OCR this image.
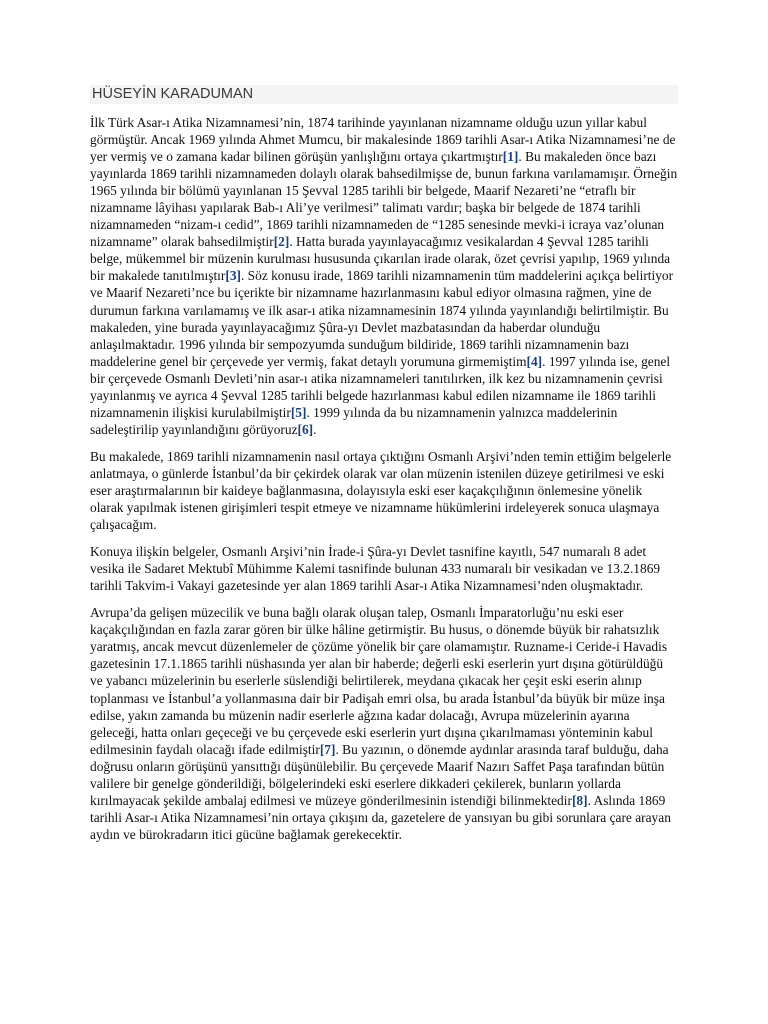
HÜSEYİN KARADUMAN

İlk Türk Asar-ı Atika Nizamnamesi’nin, 1874 tarihinde yayınlanan nizamname olduğu uzun yıllar kabul görmüştür. Ancak 1969 yılında Ahmet Mumcu, bir makalesinde 1869 tarihli Asar-ı Atika Nizamnamesi’ne de yer vermiş ve o zamana kadar bilinen görüşün yanlışlığını ortaya çıkartmıştır[1]. Bu makaleden önce bazı yayınlarda 1869 tarihli nizamnameden dolaylı olarak bahsedilmişse de, bunun farkına varılamamışır. Örneğin 1965 yılında bir bölümü yayınlanan 15 Şevval 1285 tarihli bir belgede, Maarif Nezareti’ne “etraflı bir nizamname lâyihası yapılarak Bab-ı Ali’ye verilmesi” talimatı vardır; başka bir belgede de 1874 tarihli nizamnameden “nizam-ı cedid”, 1869 tarihli nizamnameden de “1285 senesinde mevki-i icraya vaz’olunan nizamname” olarak bahsedilmiştir[2]. Hatta burada yayınlayacağımız vesikalardan 4 Şevval 1285 tarihli belge, mükemmel bir müzenin kurulması hususunda çıkarılan irade olarak, özet çevrisi yapılıp, 1969 yılında bir makalede tanıtılmıştır[3]. Söz konusu irade, 1869 tarihli nizamnamenin tüm maddelerini açıkça belirtiyor ve Maarif Nezareti’nce bu içerikte bir nizamname hazırlanmasını kabul ediyor olmasına rağmen, yine de durumun farkına varılamamış ve ilk asar-ı atika nizamnamesinin 1874 yılında yayınlandığı belirtilmiştir. Bu makaleden, yine burada yayınlayacağımız Şûra-yı Devlet mazbatasından da haberdar olunduğu anlaşılmaktadır. 1996 yılında bir sempozyumda sunduğum bildiride, 1869 tarihli nizamnamenin bazı maddelerine genel bir çerçevede yer vermiş, fakat detaylı yorumuna girmemiştim[4]. 1997 yılında ise, genel bir çerçevede Osmanlı Devleti’nin asar-ı atika nizamnameleri tanıtılırken, ilk kez bu nizamnamenin çevrisi yayınlanmış ve ayrıca 4 Şevval 1285 tarihli belgede hazırlanması kabul edilen nizamname ile 1869 tarihli nizamnamenin ilişkisi kurulabilmiştir[5]. 1999 yılında da bu nizamnamenin yalnızca maddelerinin sadeleştirilip yayınlandığını görüyoruz[6].

Bu makalede, 1869 tarihli nizamnamenin nasıl ortaya çıktığını Osmanlı Arşivi’nden temin ettiğim belgelerle anlatmaya, o günlerde İstanbul’da bir çekirdek olarak var olan müzenin istenilen düzeye getirilmesi ve eski eser araştırmalarının bir kaideye bağlanmasına, dolayısıyla eski eser kaçakçılığının önlemesine yönelik olarak yapılmak istenen girişimleri tespit etmeye ve nizamname hükümlerini irdeleyerek sonuca ulaşmaya çalışacağım.

Konuya ilişkin belgeler, Osmanlı Arşivi’nin İrade-i Şûra-yı Devlet tasnifine kayıtlı, 547 numaralı 8 adet vesika ile Sadaret Mektubî Mühimme Kalemi tasnifinde bulunan 433 numaralı bir vesikadan ve 13.2.1869 tarihli Takvim-i Vakayi gazetesinde yer alan 1869 tarihli Asar-ı Atika Nizamnamesi’nden oluşmaktadır.

Avrupa’da gelişen müzecilik ve buna bağlı olarak oluşan talep, Osmanlı İmparatorluğu’nu eski eser kaçakçılığından en fazla zarar gören bir ülke hâline getirmiştir. Bu husus, o dönemde büyük bir rahatsızlık yaratmış, ancak mevcut düzenlemeler de çözüme yönelik bir çare olamamıştır. Ruzname-i Ceride-i Havadis gazetesinin 17.1.1865 tarihli nüshasında yer alan bir haberde; değerli eski eserlerin yurt dışına götürüldüğü ve yabancı müzelerinin bu eserlerle süslendiği belirtilerek, meydana çıkacak her çeşit eski eserin alınıp toplanması ve İstanbul’a yollanmasına dair bir Padişah emri olsa, bu arada İstanbul’da büyük bir müze inşa edilse, yakın zamanda bu müzenin nadir eserlerle ağzına kadar dolacağı, Avrupa müzelerinin ayarına geleceği, hatta onları geçeceği ve bu çerçevede eski eserlerin yurt dışına çıkarılmaması yönteminin kabul edilmesinin faydalı olacağı ifade edilmiştir[7]. Bu yazının, o dönemde aydınlar arasında taraf bulduğu, daha doğrusu onların görüşünü yansıttığı düşünülebilir. Bu çerçevede Maarif Nazırı Saffet Paşa tarafından bütün valilere bir genelge gönderildiği, bölgelerindeki eski eserlere dikkaderi çekilerek, bunların yollarda kırılmayacak şekilde ambalaj edilmesi ve müzeye gönderilmesinin istendiği bilinmektedir[8]. Aslında 1869 tarihli Asar-ı Atika Nizamnamesi’nin ortaya çıkışını da, gazetelere de yansıyan bu gibi sorunlara çare arayan aydın ve bürokradarın itici gücüne bağlamak gerekecektir.
